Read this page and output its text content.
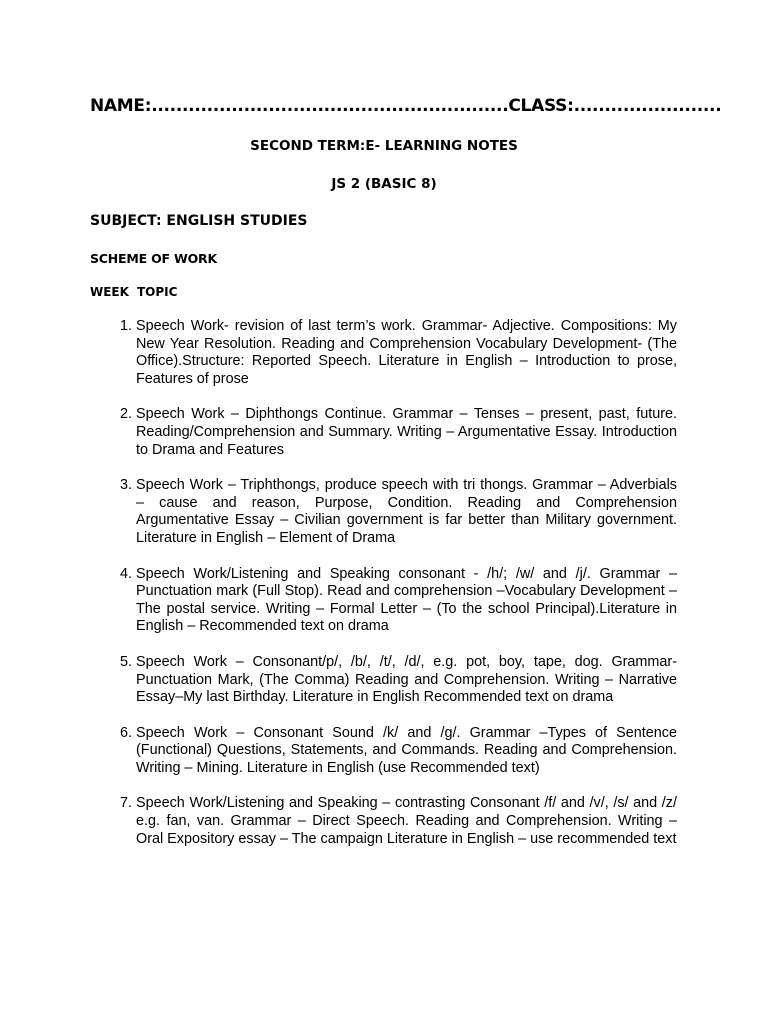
NAME:..........................................................CLASS:........................
SECOND TERM:E- LEARNING NOTES
JS 2 (BASIC 8)
SUBJECT: ENGLISH STUDIES
SCHEME OF WORK
WEEK TOPIC
1. Speech Work- revision of last term’s work. Grammar- Adjective. Compositions: My New Year Resolution. Reading and Comprehension Vocabulary Development- (The Office).Structure: Reported Speech. Literature in English – Introduction to prose, Features of prose
2. Speech Work – Diphthongs Continue. Grammar – Tenses – present, past, future. Reading/Comprehension and Summary. Writing – Argumentative Essay. Introduction to Drama and Features
3. Speech Work – Triphthongs, produce speech with tri thongs. Grammar – Adverbials – cause and reason, Purpose, Condition. Reading and Comprehension Argumentative Essay – Civilian government is far better than Military government. Literature in English – Element of Drama
4. Speech Work/Listening and Speaking consonant - /h/; /w/ and /j/. Grammar – Punctuation mark (Full Stop). Read and comprehension –Vocabulary Development – The postal service. Writing – Formal Letter – (To the school Principal).Literature in English – Recommended text on drama
5. Speech Work – Consonant/p/, /b/, /t/, /d/, e.g. pot, boy, tape, dog. Grammar- Punctuation Mark, (The Comma) Reading and Comprehension. Writing – Narrative Essay–My last Birthday. Literature in English Recommended text on drama
6. Speech Work – Consonant Sound /k/ and /g/. Grammar –Types of Sentence (Functional) Questions, Statements, and Commands. Reading and Comprehension. Writing – Mining. Literature in English (use Recommended text)
7. Speech Work/Listening and Speaking – contrasting Consonant /f/ and /v/, /s/ and /z/ e.g. fan, van. Grammar – Direct Speech. Reading and Comprehension. Writing – Oral Expository essay – The campaign Literature in English – use recommended text
